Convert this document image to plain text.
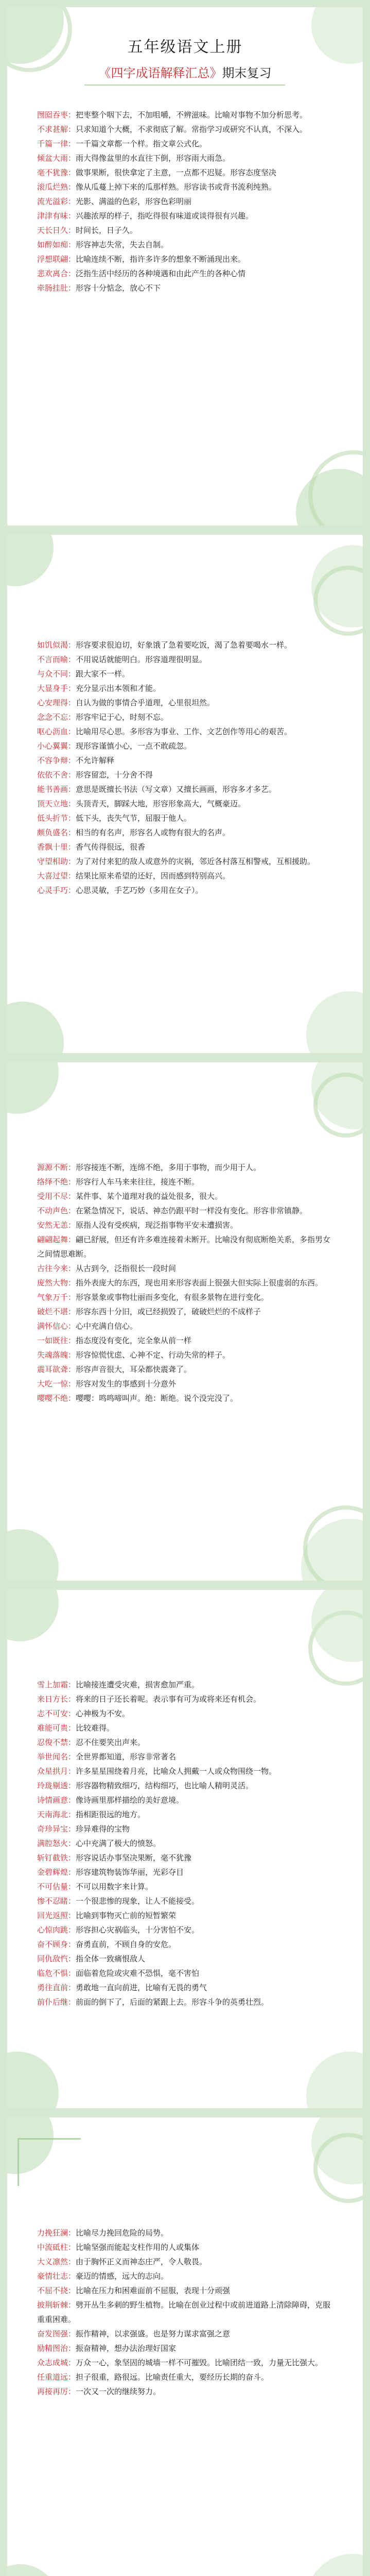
五年级语文上册
《四字成语解释汇总》期末复习

囫囵吞枣：把枣整个咽下去，不加咀嚼，不辨滋味。比喻对事物不加分析思考。

不求甚解：只求知道个大概，不求彻底了解。常指学习或研究不认真，不深入。

千篇一律：一千篇文章都一个样。指文章公式化。

倾盆大雨：雨大得像盆里的水直往下倒，形容雨大雨急。

毫不犹豫：做事果断，很快拿定了主意，一点都不迟疑。形容态度坚决

滚瓜烂熟：像从瓜蔓上掉下来的瓜那样熟。形容读书或背书流利纯熟。

流光溢彩：光影、满溢的色彩，形容色彩明丽

津津有味：兴趣浓厚的样子，指吃得很有味道或谈得很有兴趣。

天长日久：时间长，日子久。

如醉如痴：形容神志失常，失去自制。

浮想联翩：比喻连续不断，指许多许多的想象不断涌现出来。

悲欢离合：泛指生活中经历的各种境遇和由此产生的各种心情

牵肠挂肚：形容十分惦念，放心不下

如饥似渴：形容要求很迫切，好象饿了急着要吃饭，渴了急着要喝水一样。

不言而喻：不用说话就能明白。形容道理很明显。

与众不同：跟大家不一样。

大显身手：充分显示出本领和才能。

心安理得：自认为做的事情合乎道理，心里很坦然。

念念不忘：形容牢记于心，时刻不忘。

呕心沥血：比喻用尽心思。多形容为事业、工作、文艺创作等用心的艰苦。

小心翼翼：现形容谨慎小心，一点不敢疏忽。

不容争辩：不允许解释

依依不舍：形容留恋，十分舍不得

能书善画：意思是既擅长书法（写文章）又擅长画画，形容多才多艺。

顶天立地：头顶青天，脚踩大地，形容形象高大，气概豪迈。

低头折节：低下头，丧失气节，屈服于他人。

颇负盛名：相当的有名声，形容名人或物有很大的名声。

香飘十里：香气传得很远，很香

守望相助：为了对付来犯的敌人或意外的灾祸，邻近各村落互相警戒，互相援助。

大喜过望：结果比原来希望的还好，因而感到特别高兴。

心灵手巧：心思灵敏，手艺巧妙（多用在女子）。

源源不断：形容接连不断，连绵不绝，多用于事物，而少用于人。

络绎不绝：形容行人车马来来往往，接连不断。

受用不尽：某件事、某个道理对我的益处很多，很大。

不动声色：在紧急情况下，说话、神态仍跟平时一样没有变化。形容非常镇静。

安然无恙：原指人没有受疾病，现泛指事物平安未遭损害。

翩翩起舞：翩已舒展，但还有许多难连接着未断开。比喻没有彻底断绝关系，多指男女之间情思难断。

古往今来：从古到今，泛指很长一段时间

庞然大物：指外表庞大的东西，现也用来形容表面上很强大但实际上很虚弱的东西。

气象万千：形容景象或事物壮丽而多变化，有很多景物在进行变化。

破烂不堪：形容东西十分旧，或已经损毁了，破破烂烂的不成样子

满怀信心：心中充满自信心。

一如既往：指态度没有变化，完全象从前一样

失魂落魄：形容惊慌忧虑、心神不定、行动失常的样子。

震耳欲聋：形容声音很大，耳朵都快震聋了。

大吃一惊：形容对发生的事感到十分意外

嘤嘤不绝：嘤嘤：鸣鸣啼叫声。绝：断绝。说个没完没了。

雪上加霜：比喻接连遭受灾难，损害愈加严重。

来日方长：将来的日子还长着呢。表示事有可为或将来还有机会。

志不可安：心神极为不安。

难能可贵：比较难得。

忍俊不禁：忍不住要笑出声来。

举世闻名：全世界都知道，形容非常著名

众星拱月：许多星星围绕着月亮，比喻众人拥戴一人或众物围绕一物。

玲珑剔透：形容器物精致细巧，结构细巧，也比喻人精明灵活。

诗情画意：像诗画里那样描绘的美好意境。

天南海北：指相距很远的地方。

奇珍异宝：珍异难得的宝物

满腔怒火：心中充满了极大的愤怒。

斩钉截铁：形容说话办事坚决果断，毫不犹豫

金碧辉煌：形容建筑物装饰华丽，光彩夺目

不可估量：不可以用数字来计算。

惨不忍睹：一个很悲惨的现象，让人不能接受。

回光返照：比喻到事物灭亡前的短暂繁荣

心惊肉跳：形容担心灾祸临头，十分害怕不安。

奋不顾身：奋勇直前，不顾自身的安危。

同仇敌忾：指全体一致痛恨敌人

临危不惧：面临着危险或灾难不恐惧，毫不害怕

勇往直前：勇敢地一直向前进，比喻有无畏的勇气

前仆后继：前面的倒下了，后面的紧跟上去。形容斗争的英勇壮烈。

力挽狂澜：比喻尽力挽回危险的局势。

中流砥柱：比喻坚强而能起支柱作用的人或集体

大义凛然：由于胸怀正义而神态庄严，令人敬畏。

豪情壮志：豪迈的情感，远大的志向。

不屈不挠：比喻在压力和困难面前不屈服，表现十分顽强

披荆斩棘：劈开丛生多刺的野生植物。比喻在创业过程中或前进道路上清除障碍，克服重重困难。

奋发图强：振作精神，以求强盛。也是努力谋求富强之意

励精图治：振奋精神，想办法治理好国家

众志成城：万众一心，象坚固的城墙一样不可摧毁。比喻团结一致，力量无比强大。

任重道远：担子很重，路很远。比喻责任重大，要经历长期的奋斗。

再接再厉：一次又一次的继续努力。
